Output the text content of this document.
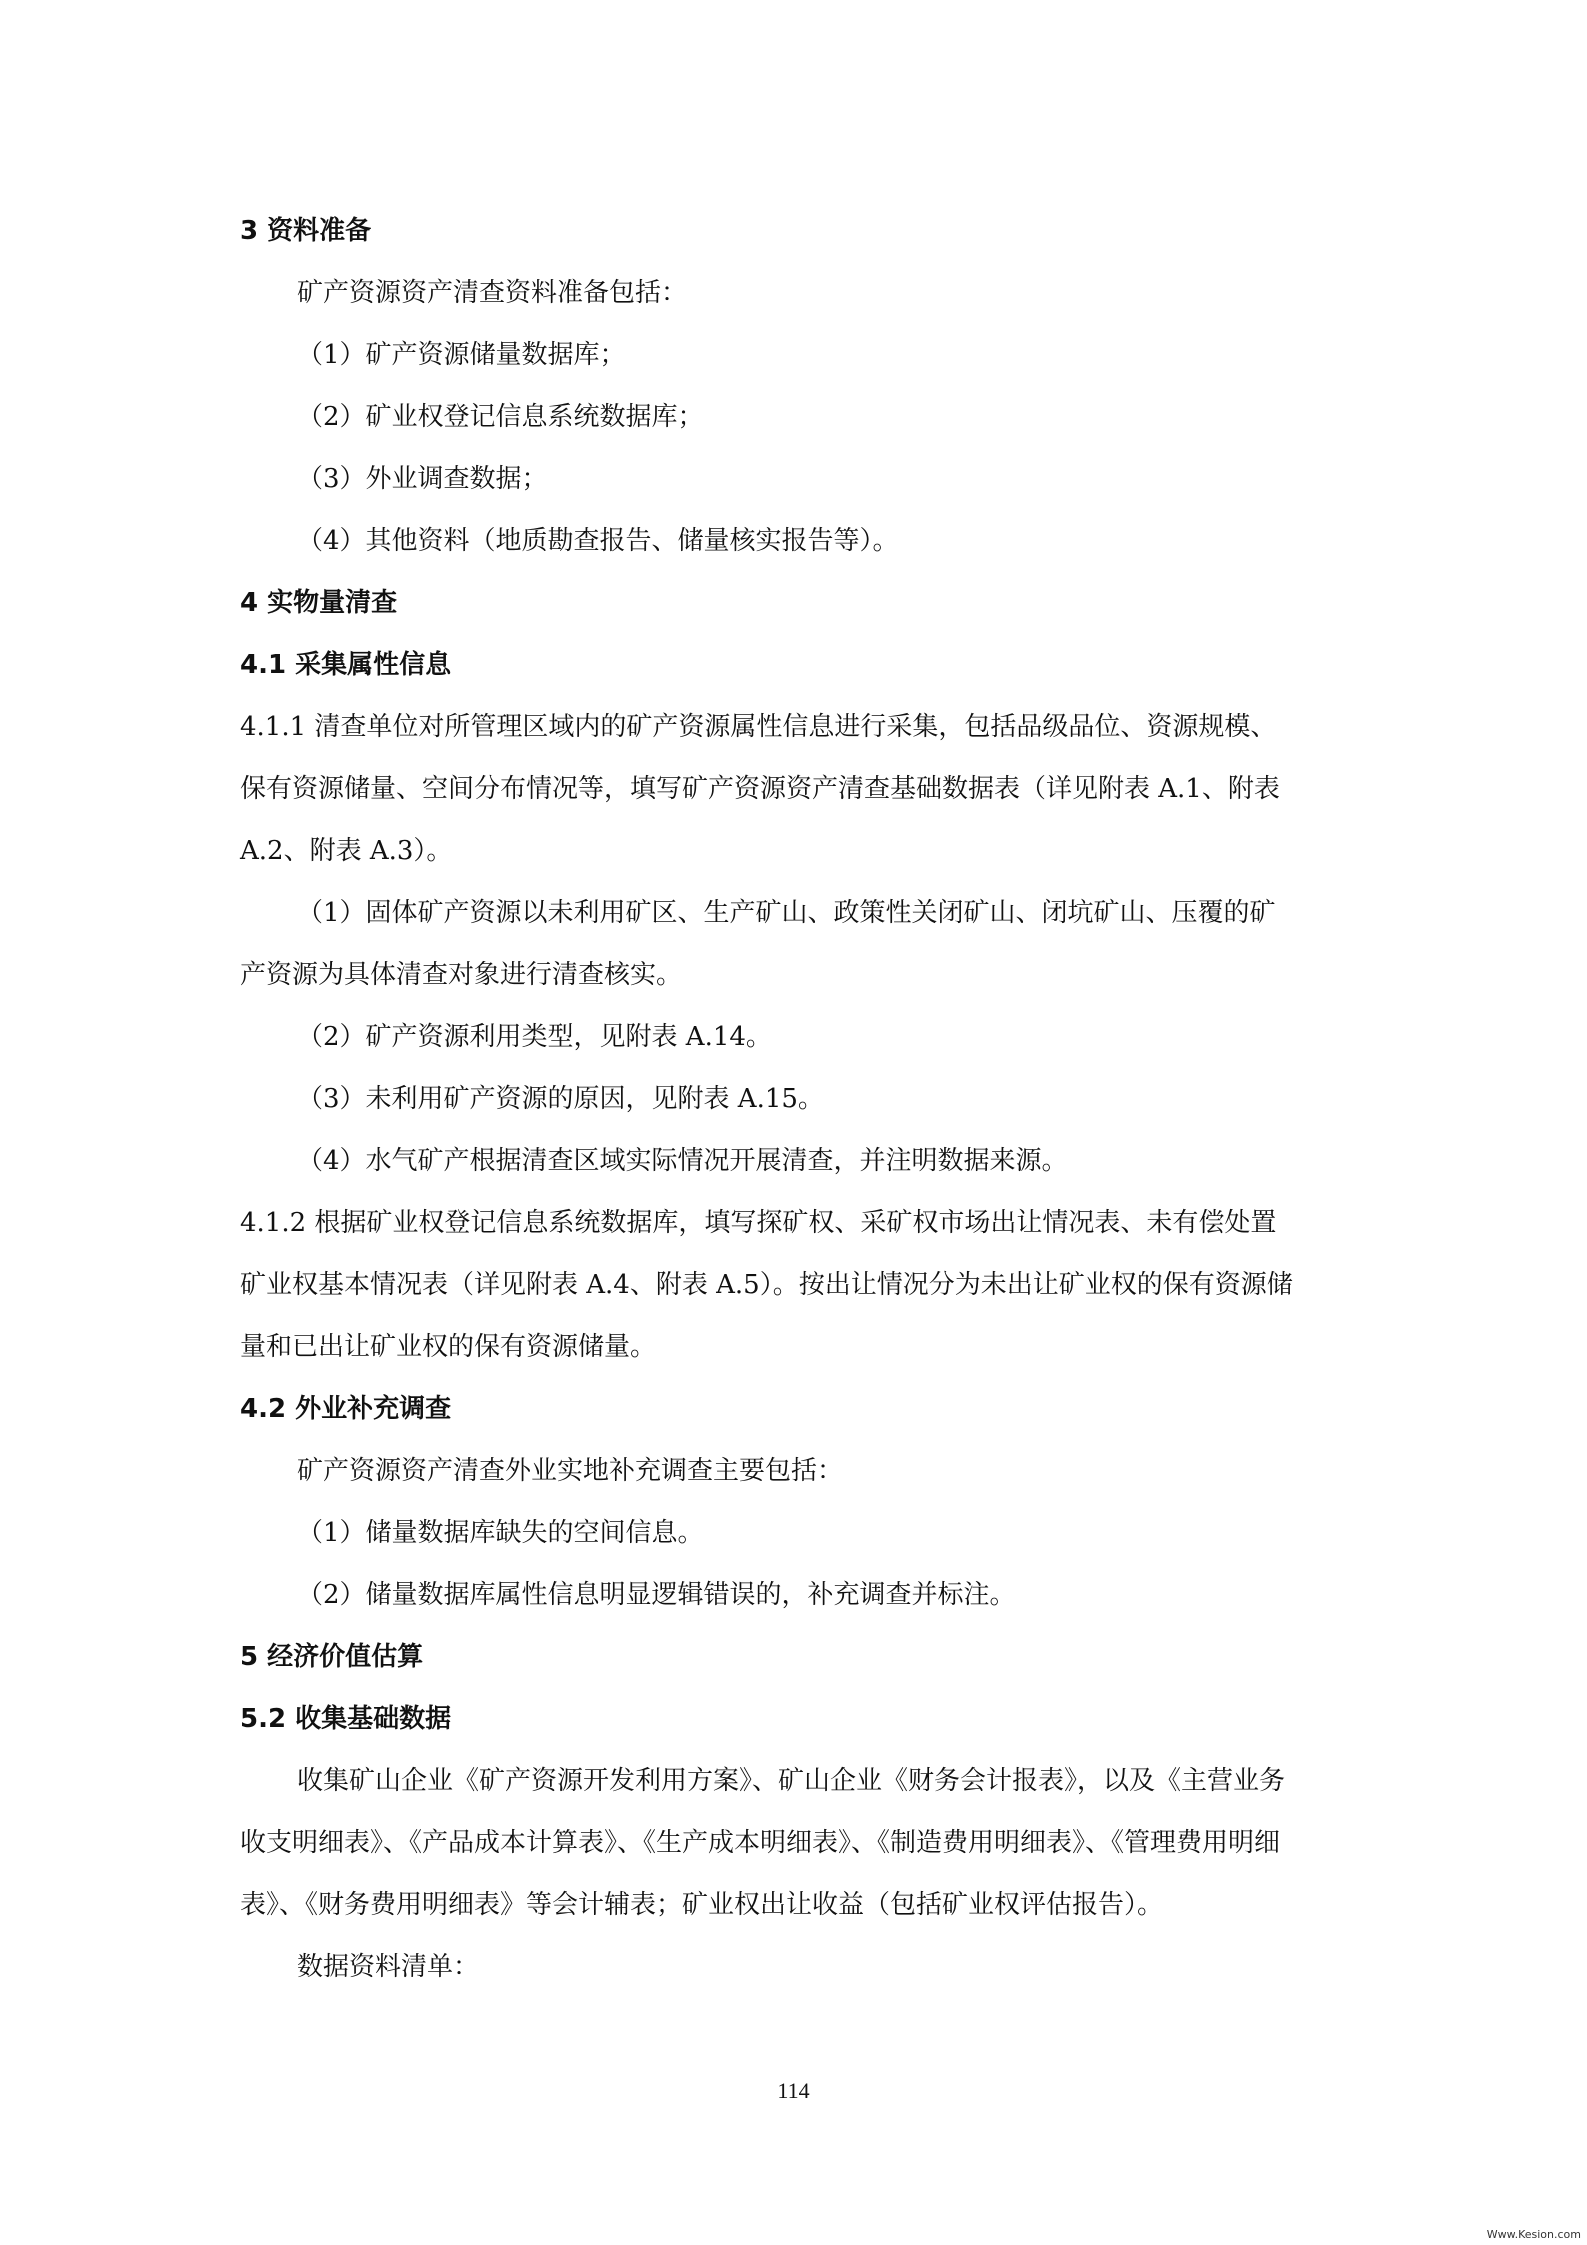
3 资料准备

矿产资源资产清查资料准备包括：

（1）矿产资源储量数据库；

（2）矿业权登记信息系统数据库；

（3）外业调查数据；

（4）其他资料（地质勘查报告、储量核实报告等）。

4 实物量清查

4.1 采集属性信息

4.1.1 清查单位对所管理区域内的矿产资源属性信息进行采集，包括品级品位、资源规模、

保有资源储量、空间分布情况等，填写矿产资源资产清查基础数据表（详见附表 A.1、附表

A.2、附表 A.3）。

（1）固体矿产资源以未利用矿区、生产矿山、政策性关闭矿山、闭坑矿山、压覆的矿

产资源为具体清查对象进行清查核实。

（2）矿产资源利用类型，见附表 A.14。

（3）未利用矿产资源的原因，见附表 A.15。

（4）水气矿产根据清查区域实际情况开展清查，并注明数据来源。

4.1.2 根据矿业权登记信息系统数据库，填写探矿权、采矿权市场出让情况表、未有偿处置

矿业权基本情况表（详见附表 A.4、附表 A.5）。按出让情况分为未出让矿业权的保有资源储

量和已出让矿业权的保有资源储量。

4.2 外业补充调查

矿产资源资产清查外业实地补充调查主要包括：

（1）储量数据库缺失的空间信息。

（2）储量数据库属性信息明显逻辑错误的，补充调查并标注。

5 经济价值估算

5.2 收集基础数据

收集矿山企业《矿产资源开发利用方案》、矿山企业《财务会计报表》，以及《主营业务

收支明细表》、《产品成本计算表》、《生产成本明细表》、《制造费用明细表》、《管理费用明细

表》、《财务费用明细表》等会计辅表；矿业权出让收益（包括矿业权评估报告）。

数据资料清单：

114
Www.Kesion.com
